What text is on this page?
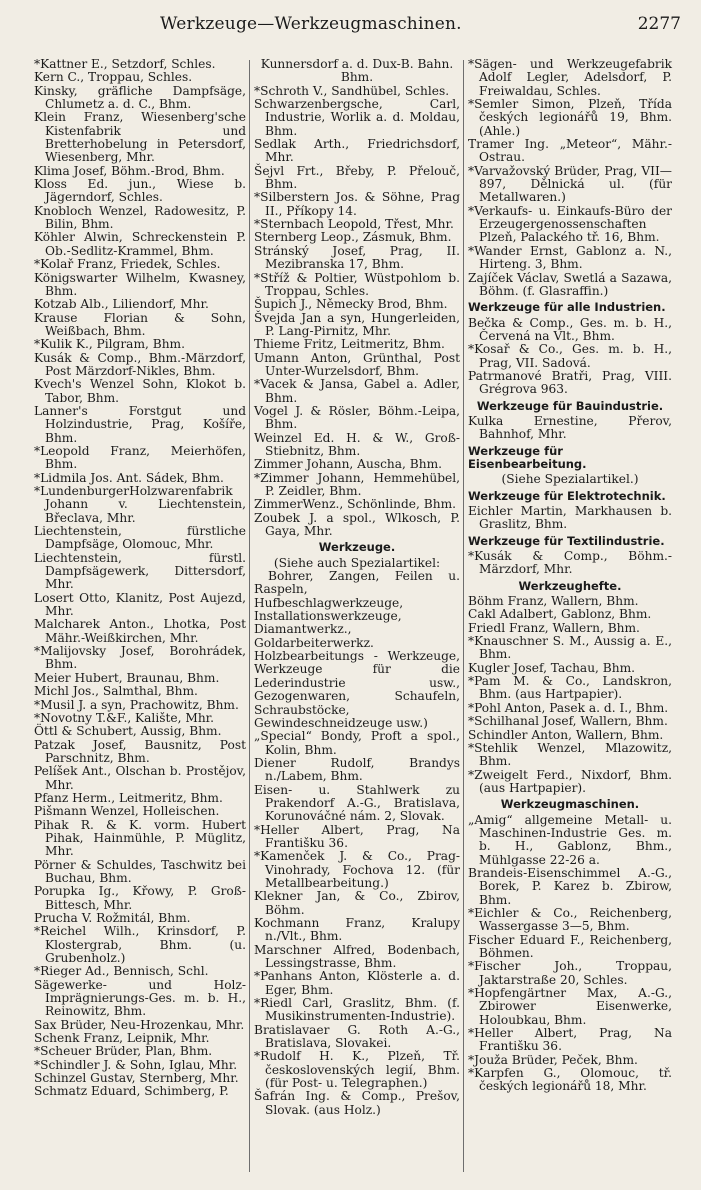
Werkzeuge—Werkzeugmaschinen.	2277
*Kattner E., Setzdorf, Schles.
Kern C., Troppau, Schles.
Kinsky, gräfliche Dampfsäge, Chlumetz a. d. C., Bhm.
Klein Franz, Wiesenberg'sche Kistenfabrik und Bretterhobelung in Petersdorf, Wiesenberg, Mhr.
Klima Josef, Böhm.-Brod, Bhm.
Kloss Ed. jun., Wiese b. Jägerndorf, Schles.
Knobloch Wenzel, Radowesitz, P. Bilin, Bhm.
Köhler Alwin, Schreckenstein P. Ob.-Sedlitz-Krammel, Bhm.
*Kolař Franz, Friedek, Schles.
Königswarter Wilhelm, Kwasney, Bhm.
Kotzab Alb., Liliendorf, Mhr.
Krause Florian & Sohn, Weißbach, Bhm.
*Kulik K., Pilgram, Bhm.
Kusák & Comp., Bhm.-Märzdorf, Post Märzdorf-Nikles, Bhm.
Kvech's Wenzel Sohn, Klokot b. Tabor, Bhm.
Lanner's Forstgut und Holzindustrie, Prag, Košíře, Bhm.
*Leopold Franz, Meierhöfen, Bhm.
*Lidmila Jos. Ant. Sádek, Bhm.
*LundenburgerHolzwarenfabrik Johann v. Liechtenstein, Břeclava, Mhr.
Liechtenstein, fürstliche Dampfsäge, Olomouc, Mhr.
Liechtenstein, fürstl. Dampfsägewerk, Dittersdorf, Mhr.
Losert Otto, Klanitz, Post Aujezd, Mhr.
Malcharek Anton., Lhotka, Post Mähr.-Weißkirchen, Mhr.
*Malijovsky Josef, Borohrádek, Bhm.
Meier Hubert, Braunau, Bhm.
Michl Jos., Salmthal, Bhm.
*Musil J. a syn, Prachowitz, Bhm.
*Novotny T.&F., Kalište, Mhr.
Öttl & Schubert, Aussig, Bhm.
Patzak Josef, Bausnitz, Post Parschnitz, Bhm.
Pelíšek Ant., Olschan b. Prostějov, Mhr.
Pfanz Herm., Leitmeritz, Bhm.
Pišmann Wenzel, Holleischen.
Pihak R. & K. vorm. Hubert Pihak, Hainmühle, P. Müglitz, Mhr.
Pörner & Schuldes, Taschwitz bei Buchau, Bhm.
Porupka Ig., Křowy, P. Groß-Bittesch, Mhr.
Prucha V. Rožmitál, Bhm.
*Reichel Wilh., Krinsdorf, P. Klostergrab, Bhm. (u. Grubenholz.)
*Rieger Ad., Bennisch, Schl.
Sägewerke- und Holz-Imprägnierungs-Ges. m. b. H., Reinowitz, Bhm.
Sax Brüder, Neu-Hrozenkau, Mhr.
Schenk Franz, Leipnik, Mhr.
*Scheuer Brüder, Plan, Bhm.
*Schindler J. & Sohn, Iglau, Mhr.
Schinzel Gustav, Sternberg, Mhr.
Schmatz Eduard, Schimberg, P.
Kunnersdorf a. d. Dux-B. Bahn. Bhm.
*Schroth V., Sandhübel, Schles.
Schwarzenbergsche, Carl, Industrie, Worlik a. d. Moldau, Bhm.
Sedlak Arth., Friedrichsdorf, Mhr.
Šejvl Frt., Břeby, P. Přelouč, Bhm.
*Silberstern Jos. & Söhne, Prag II., Příkopy 14.
*Sternbach Leopold, Třest, Mhr.
Sternberg Leop., Zásmuk, Bhm.
Stránský Josef, Prag, II. Mezibranska 17, Bhm.
*Stříž & Poltier, Wüstpohlom b. Troppau, Schles.
Šupich J., Německy Brod, Bhm.
Švejda Jan a syn, Hungerleiden, P. Lang-Pirnitz, Mhr.
Thieme Fritz, Leitmeritz, Bhm.
Umann Anton, Grünthal, Post Unter-Wurzelsdorf, Bhm.
*Vacek & Jansa, Gabel a. Adler, Bhm.
Vogel J. & Rösler, Böhm.-Leipa, Bhm.
Weinzel Ed. H. & W., Groß-Stiebnitz, Bhm.
Zimmer Johann, Auscha, Bhm.
*Zimmer Johann, Hemmehübel, P. Zeidler, Bhm.
ZimmerWenz., Schönlinde, Bhm.
Zoubek J. a spol., Wlkosch, P. Gaya, Mhr.
Werkzeuge.
(Siehe auch Spezialartikel:
Bohrer, Zangen, Feilen u. Raspeln, Hufbeschlagwerkzeuge, Installationswerkzeuge, Diamantwerkz., Goldarbeiterwerkz. Holzbearbeitungs - Werkzeuge, Werkzeuge für die Lederindustrie usw., Gezogenwaren, Schaufeln, Schraubstöcke, Gewindeschneidzeuge usw.)
„Special“ Bondy, Proft a spol., Kolin, Bhm.
Diener Rudolf, Brandys n./Labem, Bhm.
Eisen- u. Stahlwerk zu Prakendorf A.-G., Bratislava, Korunováčné nám. 2, Slovak.
*Heller Albert, Prag, Na Františku 36.
*Kamenček J. & Co., Prag-Vinohrady, Fochova 12. (für Metallbearbeitung.)
Klekner Jan, & Co., Zbirov, Böhm.
Kochmann Franz, Kralupy n./Vlt., Bhm.
Marschner Alfred, Bodenbach, Lessingstrasse, Bhm.
*Panhans Anton, Klösterle a. d. Eger, Bhm.
*Riedl Carl, Graslitz, Bhm. (f. Musikinstrumenten-Industrie).
Bratislavaer G. Roth A.-G., Bratislava, Slovakei.
*Rudolf H. K., Plzeň, Tř. československých legií, Bhm. (für Post- u. Telegraphen.)
Šafrán Ing. & Comp., Prešov, Slovak. (aus Holz.)
*Sägen- und Werkzeugefabrik Adolf Legler, Adelsdorf, P. Freiwaldau, Schles.
*Semler Simon, Plzeň, Třída českých legionářů 19, Bhm. (Ahle.)
Tramer Ing. „Meteor“, Mähr.-Ostrau.
*Varvažovský Brüder, Prag, VII—897, Dělnická ul. (für Metallwaren.)
*Verkaufs- u. Einkaufs-Büro der Erzeugergenossenschaften Plzeň, Palackého tř. 16, Bhm.
*Wander Ernst, Gablonz a. N., Hirteng. 3, Bhm.
Zajíček Václav, Swetlá a Sazawa, Böhm. (f. Glasraffin.)
Werkzeuge für alle Industrien.
Bečka & Comp., Ges. m. b. H., Červená na Vlt., Bhm.
*Kosař & Co., Ges. m. b. H., Prag, VII. Sadová.
Patrmanové Bratři, Prag, VIII. Grégrova 963.
Werkzeuge für Bauindustrie.
Kulka Ernestine, Přerov, Bahnhof, Mhr.
Werkzeuge für Eisenbearbeitung.
(Siehe Spezialartikel.)
Werkzeuge für Elektrotechnik.
Eichler Martin, Markhausen b. Graslitz, Bhm.
Werkzeuge für Textilindustrie.
*Kusák & Comp., Böhm.-Märzdorf, Mhr.
Werkzeughefte.
Böhm Franz, Wallern, Bhm.
Cakl Adalbert, Gablonz, Bhm.
Friedl Franz, Wallern, Bhm.
*Knauschner S. M., Aussig a. E., Bhm.
Kugler Josef, Tachau, Bhm.
*Pam M. & Co., Landskron, Bhm. (aus Hartpapier).
*Pohl Anton, Pasek a. d. I., Bhm.
*Schilhanal Josef, Wallern, Bhm.
Schindler Anton, Wallern, Bhm.
*Stehlik Wenzel, Mlazowitz, Bhm.
*Zweigelt Ferd., Nixdorf, Bhm. (aus Hartpapier).
Werkzeugmaschinen.
„Amig“ allgemeine Metall- u. Maschinen-Industrie Ges. m. b. H., Gablonz, Bhm., Mühlgasse 22-26 a.
Brandeis-Eisenschimmel A.-G., Borek, P. Karez b. Zbirow, Bhm.
*Eichler & Co., Reichenberg, Wassergasse 3—5, Bhm.
Fischer Eduard F., Reichenberg, Böhmen.
*Fischer Joh., Troppau, Jaktarstraße 20, Schles.
*Hopfengärtner Max, A.-G., Zbirower Eisenwerke, Holoubkau, Bhm.
*Heller Albert, Prag, Na Františku 36.
*Jouža Brüder, Peček, Bhm.
*Karpfen G., Olomouc, tř. českých legionářů 18, Mhr.
